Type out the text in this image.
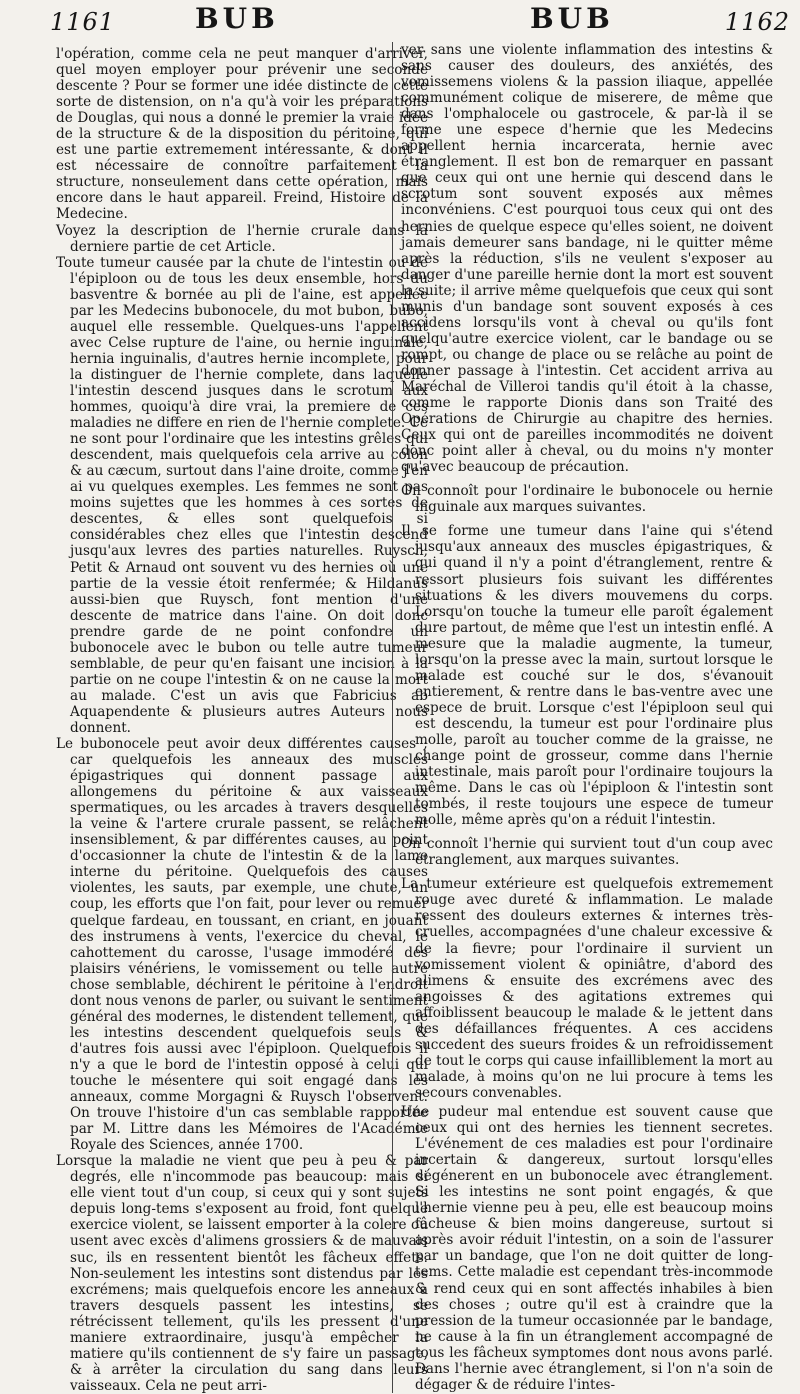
1161	BUB	BUB	1162

l'opération, comme cela ne peut manquer d'arriver, quel moyen employer pour prévenir une seconde descente ? Pour se former une idée distincte de cette sorte de distension, on n'a qu'à voir les préparations de Douglas, qui nous a donné le premier la vraie idée de la structure & de la disposition du péritoine, qui est une partie extremement intéressante, & dont il est nécessaire de connoître parfaitement la structure, nonseulement dans cette opération, mais encore dans le haut appareil. Freind, Histoire de la Medecine.

Voyez la description de l'hernie crurale dans la derniere partie de cet Article.

Toute tumeur causée par la chute de l'intestin ou de l'épiploon ou de tous les deux ensemble, hors du basventre & bornée au pli de l'aine, est appellée par les Medecins bubonocele, du mot bubon, bubo, auquel elle ressemble. Quelques-uns l'appellent avec Celse rupture de l'aine, ou hernie inguinale, hernia inguinalis, d'autres hernie incomplete, pour la distinguer de l'hernie complete, dans laquelle l'intestin descend jusques dans le scrotum aux hommes, quoiqu'à dire vrai, la premiere de ces maladies ne differe en rien de l'hernie complete. Ce ne sont pour l'ordinaire que les intestins grêles qui descendent, mais quelquefois cela arrive au colon & au cæcum, surtout dans l'aine droite, comme j'en ai vu quelques exemples. Les femmes ne sont pas moins sujettes que les hommes à ces sortes de descentes, & elles sont quelquefois si considérables chez elles que l'intestin descend jusqu'aux levres des parties naturelles. Ruysch, Petit & Arnaud ont souvent vu des hernies où une partie de la vessie étoit renfermée; & Hildanus aussi-bien que Ruysch, font mention d'une descente de matrice dans l'aine. On doit donc prendre garde de ne point confondre un bubonocele avec le bubon ou telle autre tumeur semblable, de peur qu'en faisant une incision à la partie on ne coupe l'intestin & on ne cause la mort au malade. C'est un avis que Fabricius ab Aquapendente & plusieurs autres Auteurs nous donnent.

Le bubonocele peut avoir deux différentes causes ; car quelquefois les anneaux des muscles épigastriques qui donnent passage aux allongemens du péritoine & aux vaisseaux spermatiques, ou les arcades à travers desquelles la veine & l'artere crurale passent, se relâchent insensiblement, & par différentes causes, au point d'occasionner la chute de l'intestin & de la lame interne du péritoine. Quelquefois des causes violentes, les sauts, par exemple, une chute, un coup, les efforts que l'on fait, pour lever ou remuer quelque fardeau, en toussant, en criant, en jouant des instrumens à vents, l'exercice du cheval, le cahottement du carosse, l'usage immodéré des plaisirs vénériens, le vomissement ou telle autre chose semblable, déchirent le péritoine à l'endroit dont nous venons de parler, ou suivant le sentiment général des modernes, le distendent tellement, que les intestins descendent quelquefois seuls & d'autres fois aussi avec l'épiploon. Quelquefois il n'y a que le bord de l'intestin opposé à celui qui touche le mésentere qui soit engagé dans les anneaux, comme Morgagni & Ruysch l'observent. On trouve l'histoire d'un cas semblable rapportée par M. Littre dans les Mémoires de l'Académie Royale des Sciences, année 1700.

Lorsque la maladie ne vient que peu à peu & par degrés, elle n'incommode pas beaucoup: mais si elle vient tout d'un coup, si ceux qui y sont sujets depuis long-tems s'exposent au froid, font quelque exercice violent, se laissent emporter à la colere ou usent avec excès d'alimens grossiers & de mauvais suc, ils en ressentent bientôt les fâcheux effets. Non-seulement les intestins sont distendus par les excrémens; mais quelquefois encore les anneaux à travers desquels passent les intestins, se rétrécissent tellement, qu'ils les pressent d'une maniere extraordinaire, jusqu'à empêcher la matiere qu'ils contiennent de s'y faire un passage, & à arrêter la circulation du sang dans leurs vaisseaux. Cela ne peut arri-

ver sans une violente inflammation des intestins & sans causer des douleurs, des anxiétés, des vomissemens violens & la passion iliaque, appellée communément colique de miserere, de même que dans l'omphalocele ou gastrocele, & par-là il se forme une espece d'hernie que les Medecins appellent hernia incarcerata, hernie avec étranglement. Il est bon de remarquer en passant que ceux qui ont une hernie qui descend dans le scrotum sont souvent exposés aux mêmes inconvéniens. C'est pourquoi tous ceux qui ont des hernies de quelque espece qu'elles soient, ne doivent jamais demeurer sans bandage, ni le quitter même après la réduction, s'ils ne veulent s'exposer au danger d'une pareille hernie dont la mort est souvent la suite; il arrive même quelquefois que ceux qui sont munis d'un bandage sont souvent exposés à ces accidens lorsqu'ils vont à cheval ou qu'ils font quelqu'autre exercice violent, car le bandage ou se rompt, ou change de place ou se relâche au point de donner passage à l'intestin. Cet accident arriva au Maréchal de Villeroi tandis qu'il étoit à la chasse, comme le rapporte Dionis dans son Traité des Opérations de Chirurgie au chapitre des hernies. Ceux qui ont de pareilles incommodités ne doivent donc point aller à cheval, ou du moins n'y monter qu'avec beaucoup de précaution.

On connoît pour l'ordinaire le bubonocele ou hernie inguinale aux marques suivantes.

Il se forme une tumeur dans l'aine qui s'étend jusqu'aux anneaux des muscles épigastriques, & qui quand il n'y a point d'étranglement, rentre & ressort plusieurs fois suivant les différentes situations & les divers mouvemens du corps. Lorsqu'on touche la tumeur elle paroît également dure partout, de même que l'est un intestin enflé. A mesure que la maladie augmente, la tumeur, lorsqu'on la presse avec la main, surtout lorsque le malade est couché sur le dos, s'évanouit entierement, & rentre dans le bas-ventre avec une espece de bruit. Lorsque c'est l'épiploon seul qui est descendu, la tumeur est pour l'ordinaire plus molle, paroît au toucher comme de la graisse, ne change point de grosseur, comme dans l'hernie intestinale, mais paroît pour l'ordinaire toujours la même. Dans le cas où l'épiploon & l'intestin sont tombés, il reste toujours une espece de tumeur molle, même après qu'on a réduit l'intestin.

On connoît l'hernie qui survient tout d'un coup avec étranglement, aux marques suivantes.

La tumeur extérieure est quelquefois extremement rouge avec dureté & inflammation. Le malade ressent des douleurs externes & internes très-cruelles, accompagnées d'une chaleur excessive & de la fievre; pour l'ordinaire il survient un vomissement violent & opiniâtre, d'abord des alimens & ensuite des excrémens avec des angoisses & des agitations extremes qui affoiblissent beaucoup le malade & le jettent dans des défaillances fréquentes. A ces accidens succedent des sueurs froides & un refroidissement de tout le corps qui cause infailliblement la mort au malade, à moins qu'on ne lui procure à tems les secours convenables.

Une pudeur mal entendue est souvent cause que ceux qui ont des hernies les tiennent secretes. L'événement de ces maladies est pour l'ordinaire incertain & dangereux, surtout lorsqu'elles dégénerent en un bubonocele avec étranglement. Si les intestins ne sont point engagés, & que l'hernie vienne peu à peu, elle est beaucoup moins fâcheuse & bien moins dangereuse, surtout si après avoir réduit l'intestin, on a soin de l'assurer par un bandage, que l'on ne doit quitter de long-tems. Cette maladie est cependant très-incommode & rend ceux qui en sont affectés inhabiles à bien des choses ; outre qu'il est à craindre que la pression de la tumeur occasionnée par le bandage, ne cause à la fin un étranglement accompagné de tous les fâcheux symptomes dont nous avons parlé. Dans l'hernie avec étranglement, si l'on n'a soin de dégager & de réduire l'intes-
